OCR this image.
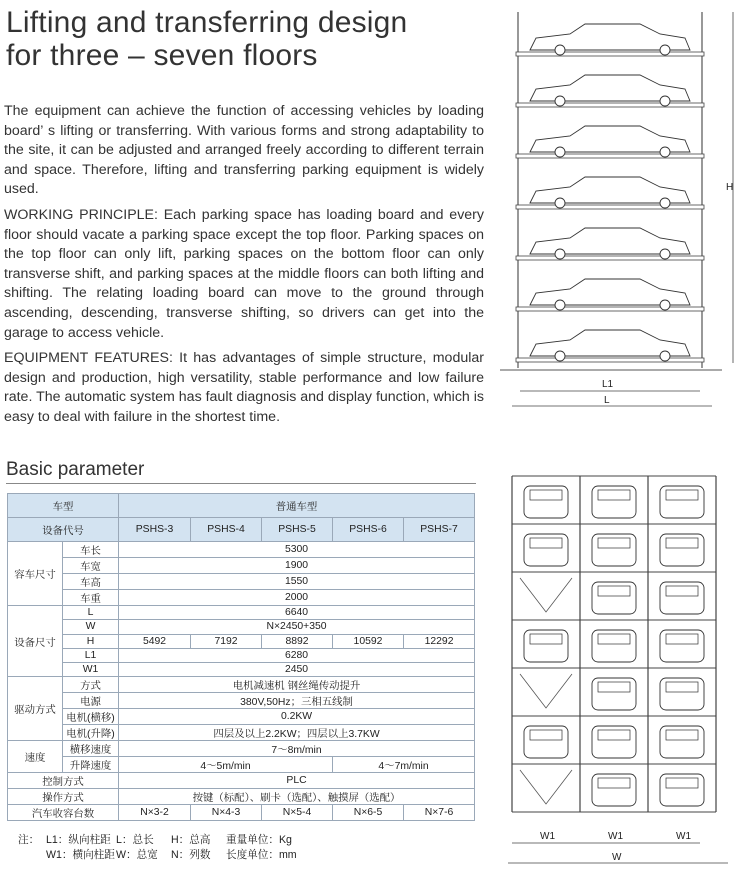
Lifting and transferring design
for three – seven floors

The equipment can achieve the function of accessing vehicles by loading board’ s lifting or transferring. With various forms and strong adaptability to the site, it can be adjusted and arranged freely according to different terrain and space. Therefore, lifting and transferring parking equipment is widely used.

WORKING PRINCIPLE: Each parking space has loading board and every floor should vacate a parking space except the top floor. Parking spaces on the top floor can only lift, parking spaces on the bottom floor can only transverse shift, and parking spaces at the middle floors can both lifting and shifting. The relating loading board can move to the ground through ascending, descending, transverse shifting, so drivers can get into the garage to access vehicle.

EQUIPMENT FEATURES: It has advantages of simple structure, modular design and production, high versatility, stable performance and low failure rate. The automatic system has fault diagnosis and display function, which is easy to deal with failure in the shortest time.

Basic parameter
车型		普通车型				
设备代号		PSHS-3	PSHS-4	PSHS-5	PSHS-6	PSHS-7
容车尺寸	车长	5300				
	车宽	1900				
	车高	1550				
	车重	2000				
设备尺寸	L	6640				
	W	N×2450+350				
	H	5492	7192	8892	10592	12292
	L1	6280				
	W1	2450				
驱动方式	方式	电机减速机 钢丝绳传动提升				
	电源	380V,50Hz；三相五线制				
	电机(横移)	0.2KW				
	电机(升降)	四层及以上2.2KW；四层以上3.7KW				
速度	横移速度	7～8m/min				
	升降速度	4～5m/min			4～7m/min	
控制方式		PLC				
操作方式		按键（标配）、刷卡（选配）、触摸屏（选配）				
汽车收容台数		N×3-2	N×4-3	N×5-4	N×6-5	N×7-6
注： L1：纵向柱距 L：总长	H：总高	重量单位：Kg
W1：横向柱距 W：总宽	N：列数	长度单位：mm
H
L1
L
W1	W1	W1
W
